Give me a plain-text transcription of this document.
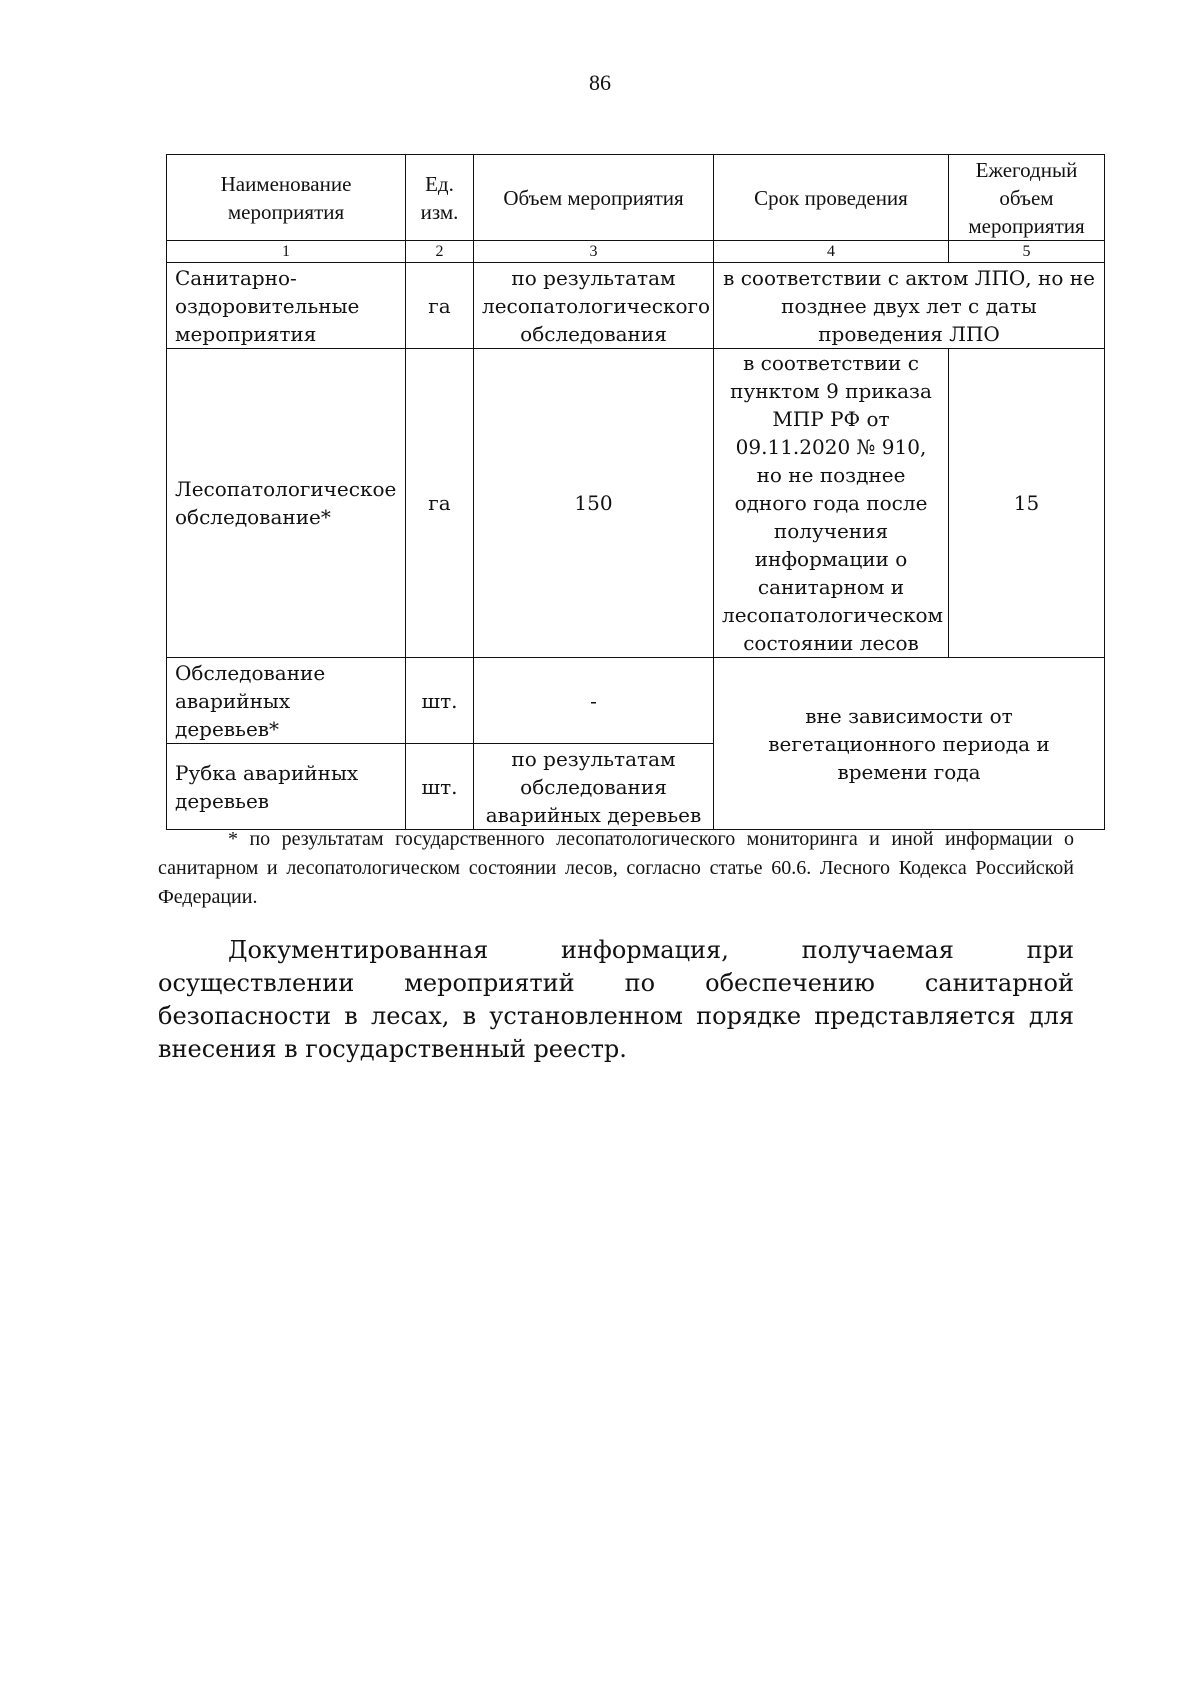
86
Наименование мероприятия	Ед. изм.	Объем мероприятия	Срок проведения	Ежегодный объем мероприятия
1	2	3	4	5
Санитарно-оздоровительные мероприятия	га	по результатам лесопатологического обследования	в соответствии с актом ЛПО, но не позднее двух лет с даты проведения ЛПО	
Лесопатологическое обследование*	га	150	в соответствии с пунктом 9 приказа МПР РФ от 09.11.2020 № 910, но не позднее одного года после получения информации о санитарном и лесопатологическом состоянии лесов	15
Обследование аварийных деревьев*	шт.	-	вне зависимости от вегетационного периода и времени года	
Рубка аварийных деревьев	шт.	по результатам обследования аварийных деревьев		

* по результатам государственного лесопатологического мониторинга и иной информации о санитарном и лесопатологическом состоянии лесов, согласно статье 60.6. Лесного Кодекса Российской Федерации.

Документированная информация, получаемая при осуществлении мероприятий по обеспечению санитарной безопасности в лесах, в установленном порядке представляется для внесения в государственный реестр.
